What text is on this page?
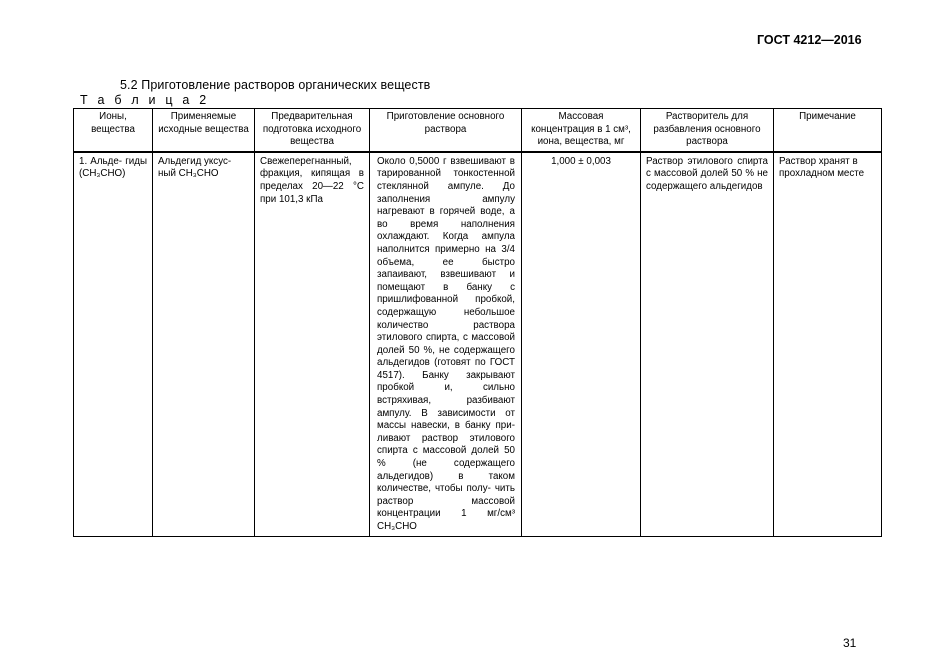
ГОСТ 4212—2016
5.2 Приготовление растворов органических веществ
Т а б л и ц а 2
Ионы, вещества	Применяемые исходные вещества	Предварительная подготовка исходного вещества	Приготовление основного раствора	Массовая концентрация в 1 см³, иона, вещества, мг	Растворитель для разбавления основного раствора	Примечание
1. Альде- гиды (CH₃CHO)	Альдегид уксус- ный CH₃CHO	Свежеперегнанный, фракция, кипящая в пределах 20—22 °С при 101,3 кПа	Около 0,5000 г взвешивают в тарированной тонкостенной стеклянной ампуле. До заполнения ампулу нагревают в горячей воде, а во время наполнения охлаждают. Когда ампула наполнится примерно на 3/4 объема, ее быстро запаивают, взвешивают и помещают в банку с пришлифованной пробкой, содержащую небольшое количество раствора этилового спирта, с массовой долей 50 %, не содержащего альдегидов (готовят по ГОСТ 4517). Банку закрывают пробкой и, сильно встряхивая, разбивают ампулу. В зависимости от массы навески, в банку при- ливают раствор этилового спирта с массовой долей 50 % (не содержащего альдегидов) в таком количестве, чтобы полу- чить раствор массовой концентрации 1 мг/см³ CH₃CHO	1,000 ± 0,003	Раствор этилового спирта с массовой долей 50 % не содержащего альдегидов	Раствор хранят в прохладном месте
31
